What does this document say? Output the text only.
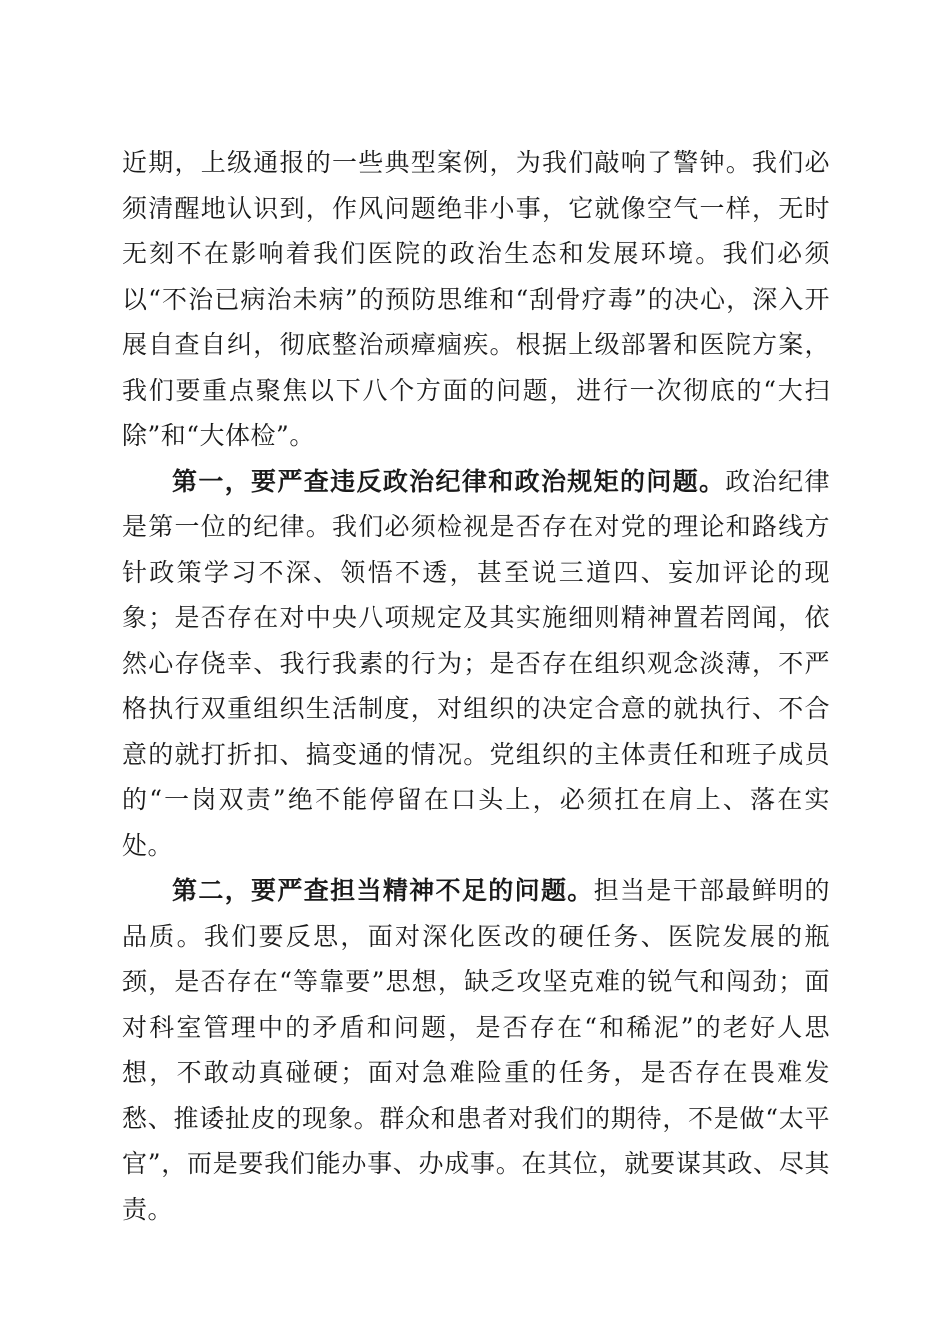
近期，上级通报的一些典型案例，为我们敲响了警钟。我们必须清醒地认识到，作风问题绝非小事，它就像空气一样，无时无刻不在影响着我们医院的政治生态和发展环境。我们必须以“不治已病治未病”的预防思维和“刮骨疗毒”的决心，深入开展自查自纠，彻底整治顽瘴痼疾。根据上级部署和医院方案，我们要重点聚焦以下八个方面的问题，进行一次彻底的“大扫除”和“大体检”。

第一，要严查违反政治纪律和政治规矩的问题。政治纪律是第一位的纪律。我们必须检视是否存在对党的理论和路线方针政策学习不深、领悟不透，甚至说三道四、妄加评论的现象；是否存在对中央八项规定及其实施细则精神置若罔闻，依然心存侥幸、我行我素的行为；是否存在组织观念淡薄，不严格执行双重组织生活制度，对组织的决定合意的就执行、不合意的就打折扣、搞变通的情况。党组织的主体责任和班子成员的“一岗双责”绝不能停留在口头上，必须扛在肩上、落在实处。

第二，要严查担当精神不足的问题。担当是干部最鲜明的品质。我们要反思，面对深化医改的硬任务、医院发展的瓶颈，是否存在“等靠要”思想，缺乏攻坚克难的锐气和闯劲；面对科室管理中的矛盾和问题，是否存在“和稀泥”的老好人思想，不敢动真碰硬；面对急难险重的任务，是否存在畏难发愁、推诿扯皮的现象。群众和患者对我们的期待，不是做“太平官”，而是要我们能办事、办成事。在其位，就要谋其政、尽其责。
